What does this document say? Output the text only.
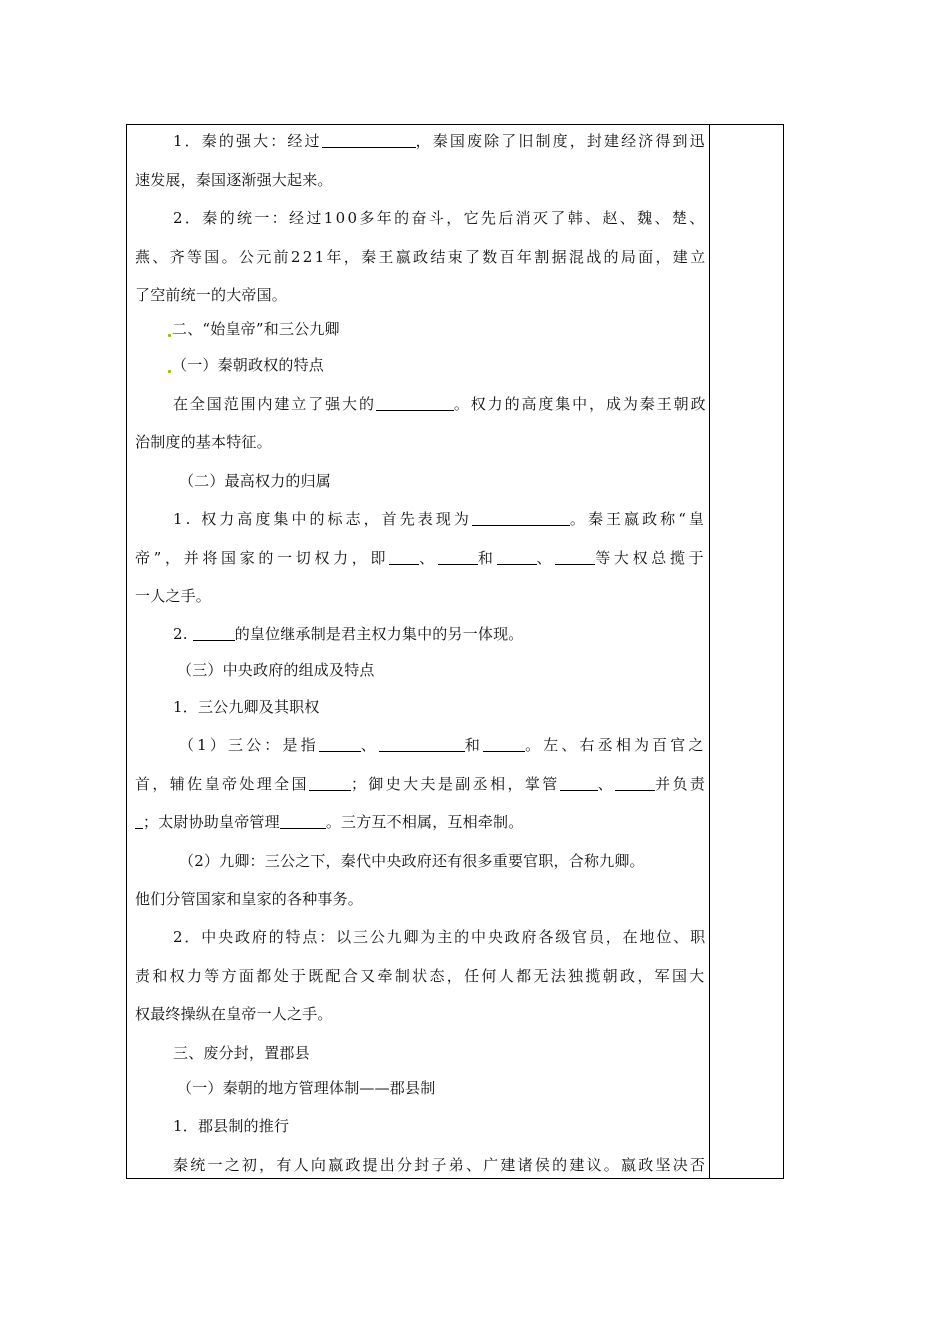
1．秦的强大：经过	，秦国废除了旧制度，封建经济得到迅
速发展，秦国逐渐强大起来。
2．秦的统一：经过100多年的奋斗，它先后消灭了韩、赵、魏、楚、
燕、齐等国。公元前221年，秦王嬴政结束了数百年割据混战的局面，建立
了空前统一的大帝国。
二、“始皇帝”和三公九卿
（一）秦朝政权的特点
在全国范围内建立了强大的	。权力的高度集中，成为秦王朝政
治制度的基本特征。
（二）最高权力的归属
1. 权力高度集中的标志，首先表现为	。秦王嬴政称“皇
帝”，并将国家的一切权力，即 、	和	、	等大权总揽于
一人之手。
2.	的皇位继承制是君主权力集中的另一体现。
（三）中央政府的组成及特点
1．三公九卿及其职权
（1）三公：是指	、	和	。左、右丞相为百官之
首，辅佐皇帝处理全国	；御史大夫是副丞相，掌管	、	并负责
；太尉协助皇帝管理	。三方互不相属，互相牵制。
（2）九卿：三公之下，秦代中央政府还有很多重要官职，合称九卿。
他们分管国家和皇家的各种事务。
2．中央政府的特点：以三公九卿为主的中央政府各级官员，在地位、职
责和权力等方面都处于既配合又牵制状态，任何人都无法独揽朝政，军国大
权最终操纵在皇帝一人之手。
三、废分封，置郡县
（一）秦朝的地方管理体制——郡县制
1．郡县制的推行
秦统一之初，有人向嬴政提出分封子弟、广建诸侯的建议。嬴政坚决否
